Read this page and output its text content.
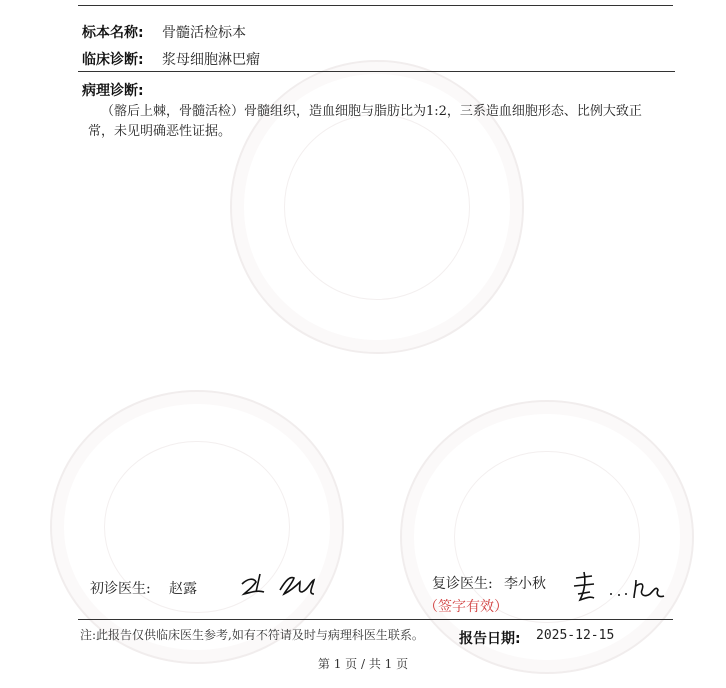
标本名称: 骨髓活检标本
临床诊断: 浆母细胞淋巴瘤
病理诊断:
（髂后上棘，骨髓活检）骨髓组织，造血细胞与脂肪比为1:2，三系造血细胞形态、比例大致正常，未见明确恶性证据。
初诊医生: 赵露	复诊医生: 李小秋
（签字有效）
注:此报告仅供临床医生参考,如有不符请及时与病理科医生联系。	报告日期: 2025-12-15
第 1 页 / 共 1 页
